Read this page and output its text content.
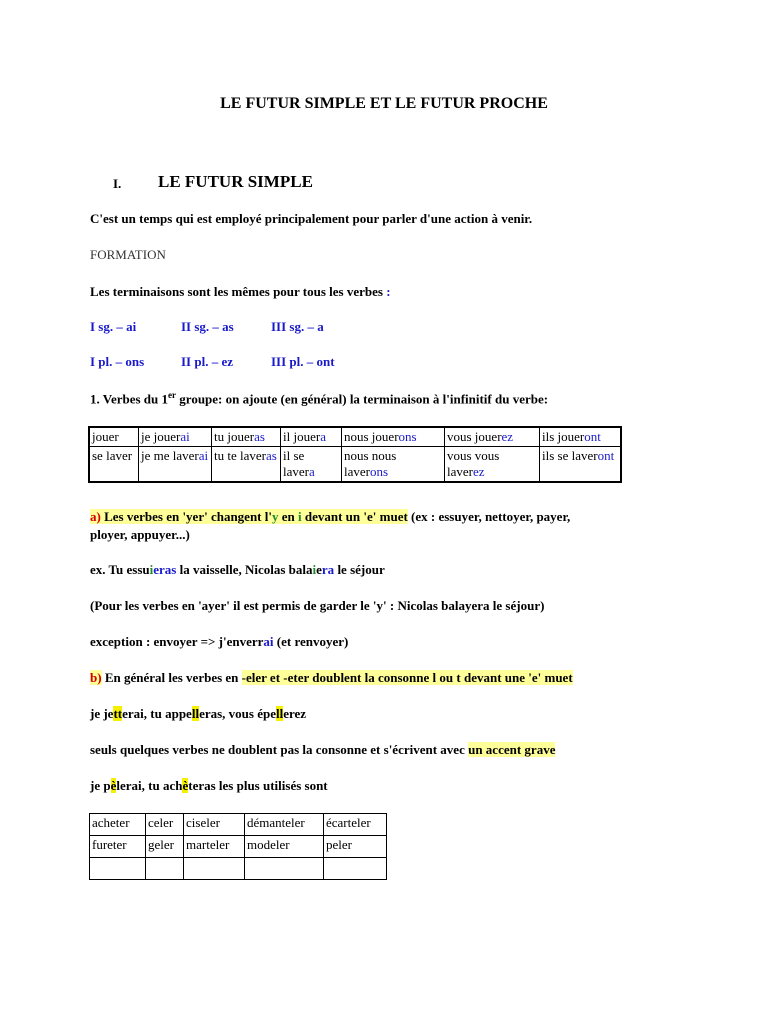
LE FUTUR SIMPLE ET LE FUTUR PROCHE
I. LE FUTUR SIMPLE
C'est un temps qui est employé principalement pour parler d'une action à venir.
FORMATION
Les terminaisons sont les mêmes pour tous les verbes :
I sg. – ai	II sg. – as	III sg. – a
I pl. – ons	II pl. – ez	III pl. – ont
1. Verbes du 1er groupe: on ajoute (en général) la terminaison à l'infinitif du verbe:
jouer	je jouerai	tu joueras	il jouera	nous jouerons	vous jouerez	ils joueront
se laver	je me laverai	tu te laveras	il se lavera	nous nous laverons	vous vous laverez	ils se laveront
a) Les verbes en 'yer' changent l'y en i devant un 'e' muet (ex : essuyer, nettoyer, payer,
ployer, appuyer...)
ex. Tu essuieras la vaisselle, Nicolas balaiera le séjour
(Pour les verbes en 'ayer' il est permis de garder le 'y' : Nicolas balayera le séjour)
exception : envoyer => j'enverrai (et renvoyer)
b) En général les verbes en -eler et -eter doublent la consonne l ou t devant une 'e' muet
je jetterai, tu appelleras, vous épellerez
seuls quelques verbes ne doublent pas la consonne et s'écrivent avec un accent grave
je pèlerai, tu achèteras les plus utilisés sont
acheter	celer	ciseler	démanteler	écarteler
fureter	geler	marteler	modeler	peler
